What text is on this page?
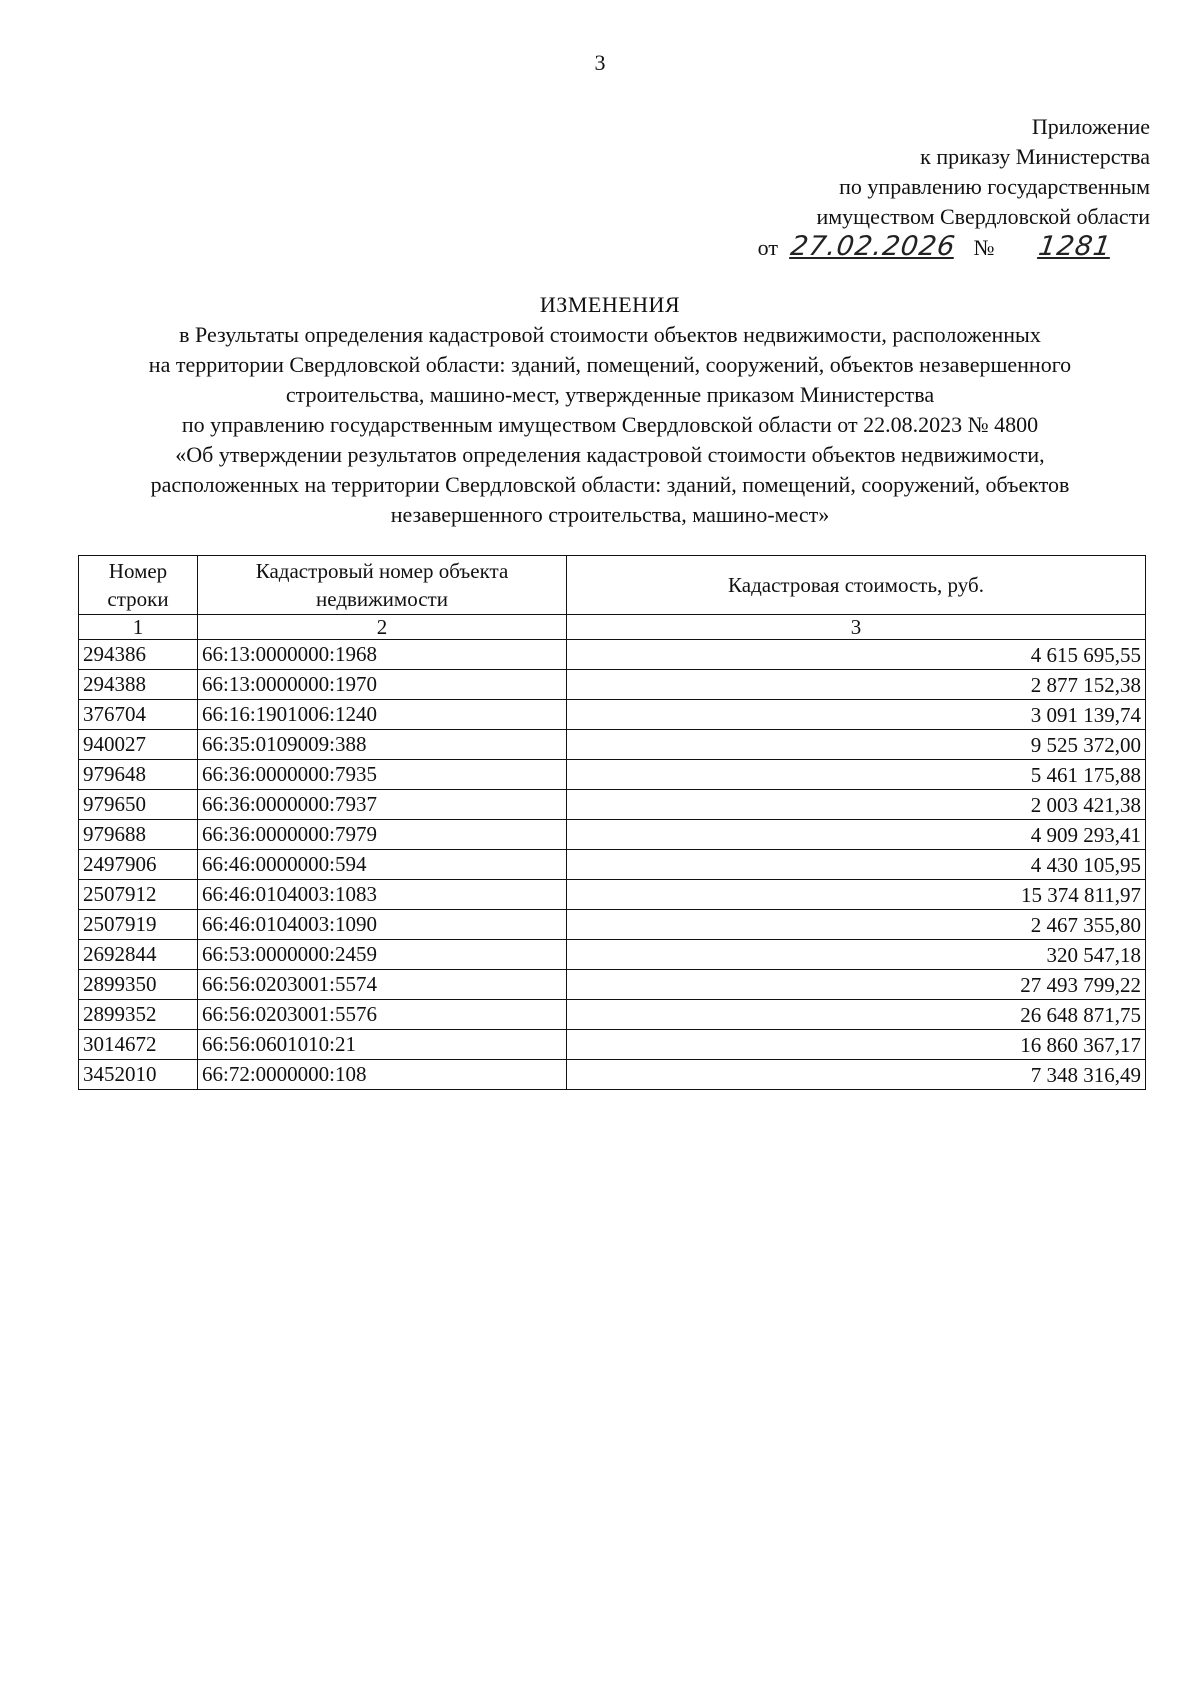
3
Приложение
к приказу Министерства
по управлению государственным
имуществом Свердловской области
от 27.02.2026 № 1281
ИЗМЕНЕНИЯ
в Результаты определения кадастровой стоимости объектов недвижимости, расположенных
на территории Свердловской области: зданий, помещений, сооружений, объектов незавершенного
строительства, машино-мест, утвержденные приказом Министерства
по управлению государственным имуществом Свердловской области от 22.08.2023 № 4800
«Об утверждении результатов определения кадастровой стоимости объектов недвижимости,
расположенных на территории Свердловской области: зданий, помещений, сооружений, объектов
незавершенного строительства, машино-мест»
Номер строки	Кадастровый номер объекта недвижимости	Кадастровая стоимость, руб.
1	2	3
294386	66:13:0000000:1968	4 615 695,55
294388	66:13:0000000:1970	2 877 152,38
376704	66:16:1901006:1240	3 091 139,74
940027	66:35:0109009:388	9 525 372,00
979648	66:36:0000000:7935	5 461 175,88
979650	66:36:0000000:7937	2 003 421,38
979688	66:36:0000000:7979	4 909 293,41
2497906	66:46:0000000:594	4 430 105,95
2507912	66:46:0104003:1083	15 374 811,97
2507919	66:46:0104003:1090	2 467 355,80
2692844	66:53:0000000:2459	320 547,18
2899350	66:56:0203001:5574	27 493 799,22
2899352	66:56:0203001:5576	26 648 871,75
3014672	66:56:0601010:21	16 860 367,17
3452010	66:72:0000000:108	7 348 316,49
